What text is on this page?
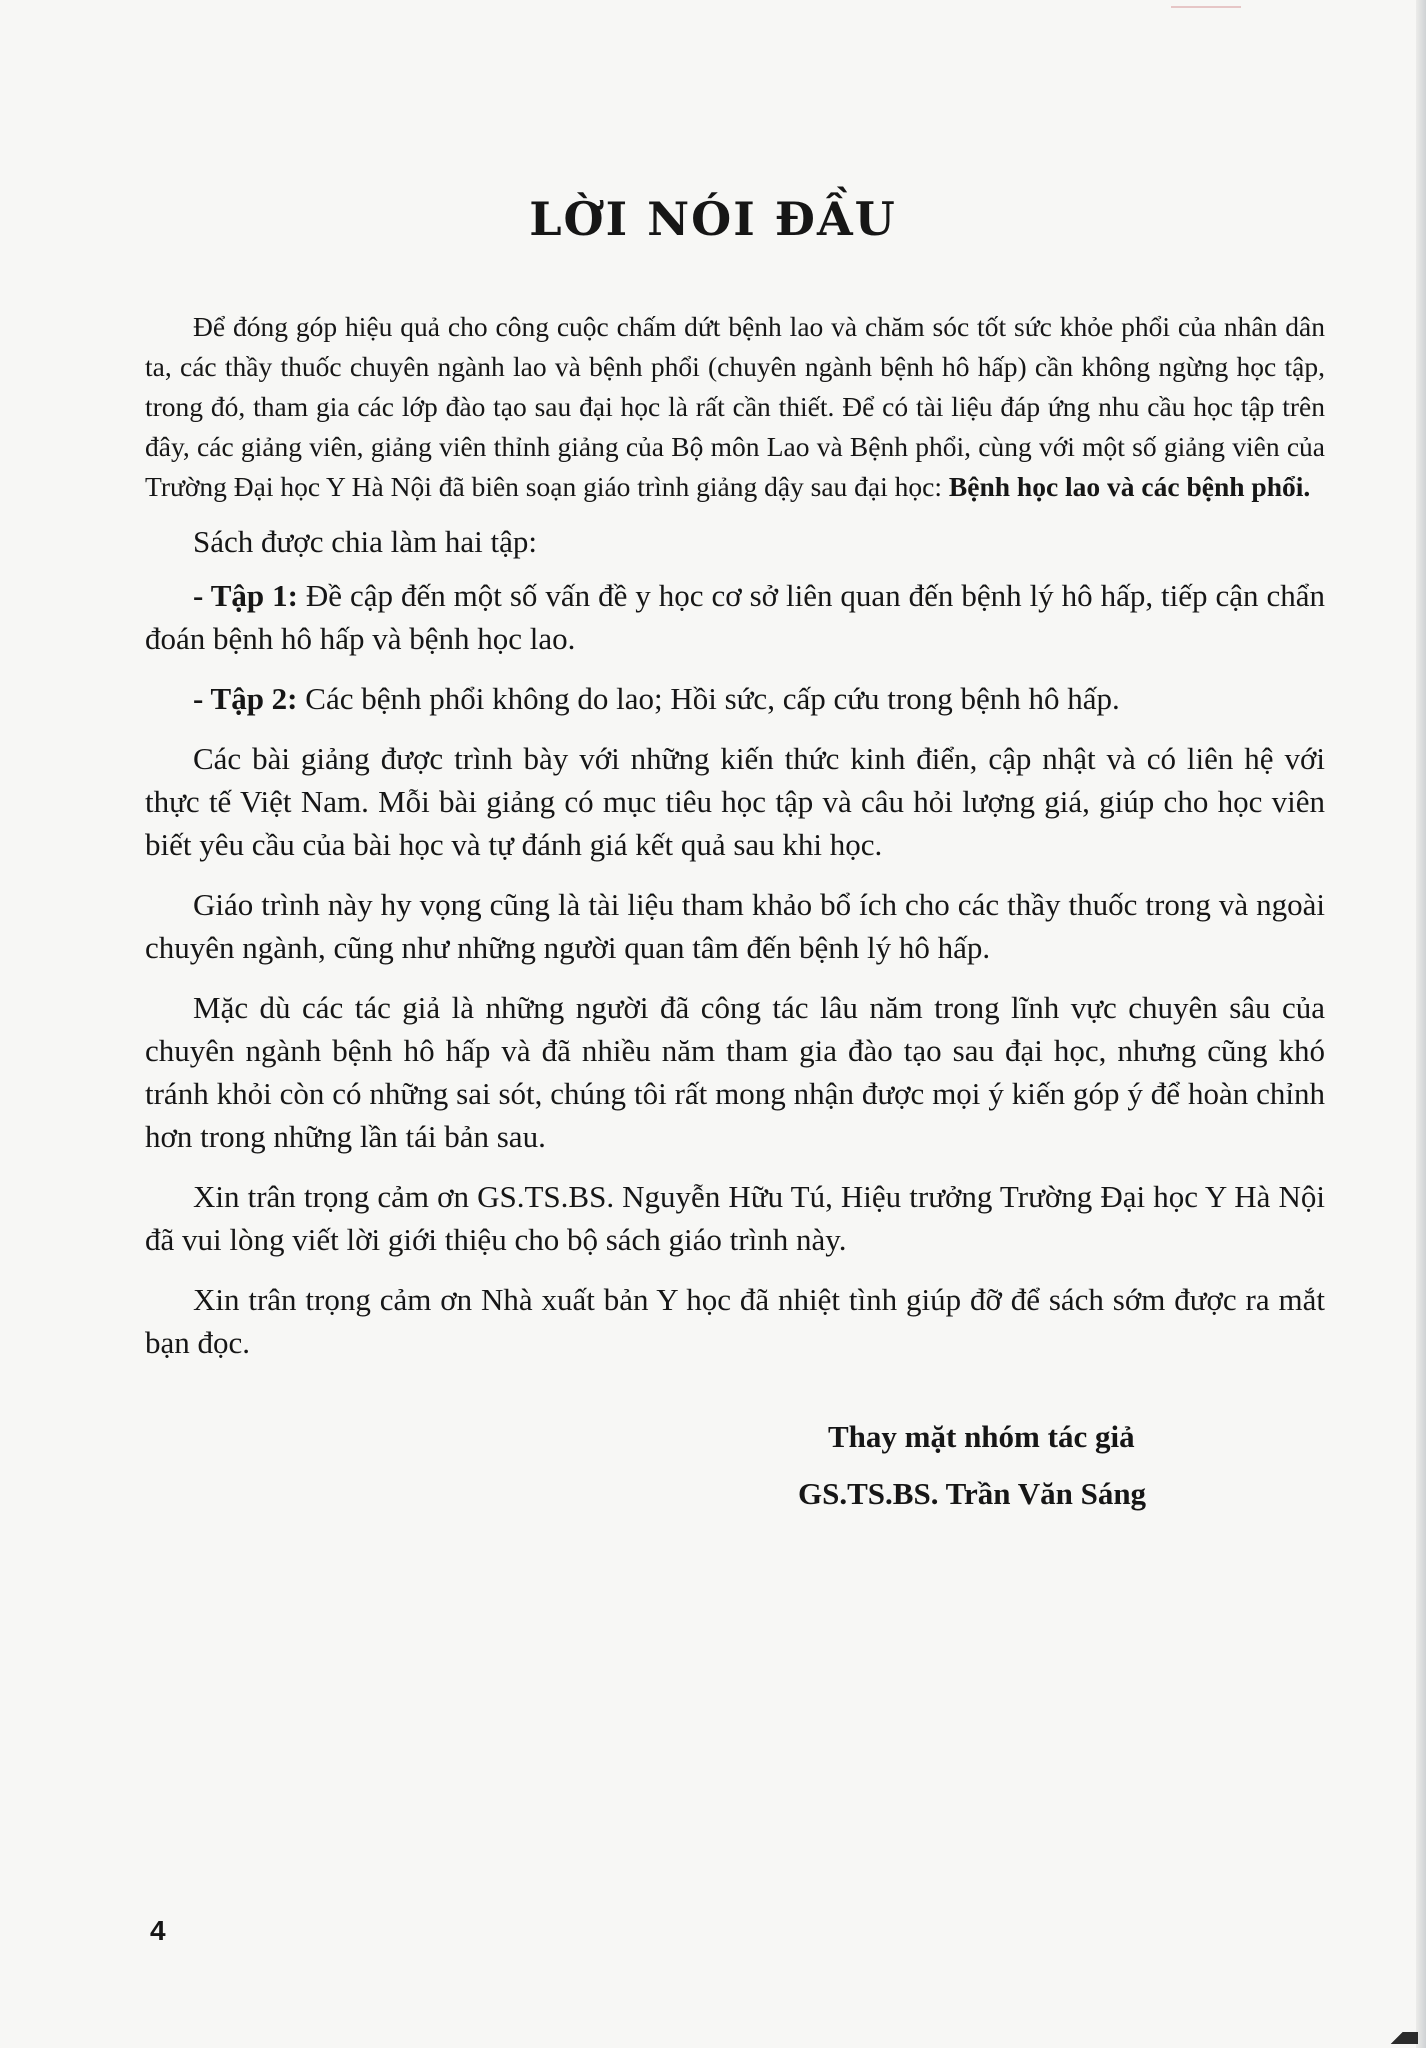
LỜI NÓI ĐẦU

Để đóng góp hiệu quả cho công cuộc chấm dứt bệnh lao và chăm sóc tốt sức khỏe phổi của nhân dân ta, các thầy thuốc chuyên ngành lao và bệnh phổi (chuyên ngành bệnh hô hấp) cần không ngừng học tập, trong đó, tham gia các lớp đào tạo sau đại học là rất cần thiết. Để có tài liệu đáp ứng nhu cầu học tập trên đây, các giảng viên, giảng viên thỉnh giảng của Bộ môn Lao và Bệnh phổi, cùng với một số giảng viên của Trường Đại học Y Hà Nội đã biên soạn giáo trình giảng dậy sau đại học: Bệnh học lao và các bệnh phổi.

Sách được chia làm hai tập:

- Tập 1: Đề cập đến một số vấn đề y học cơ sở liên quan đến bệnh lý hô hấp, tiếp cận chẩn đoán bệnh hô hấp và bệnh học lao.

- Tập 2: Các bệnh phổi không do lao; Hồi sức, cấp cứu trong bệnh hô hấp.

Các bài giảng được trình bày với những kiến thức kinh điển, cập nhật và có liên hệ với thực tế Việt Nam. Mỗi bài giảng có mục tiêu học tập và câu hỏi lượng giá, giúp cho học viên biết yêu cầu của bài học và tự đánh giá kết quả sau khi học.

Giáo trình này hy vọng cũng là tài liệu tham khảo bổ ích cho các thầy thuốc trong và ngoài chuyên ngành, cũng như những người quan tâm đến bệnh lý hô hấp.

Mặc dù các tác giả là những người đã công tác lâu năm trong lĩnh vực chuyên sâu của chuyên ngành bệnh hô hấp và đã nhiều năm tham gia đào tạo sau đại học, nhưng cũng khó tránh khỏi còn có những sai sót, chúng tôi rất mong nhận được mọi ý kiến góp ý để hoàn chỉnh hơn trong những lần tái bản sau.

Xin trân trọng cảm ơn GS.TS.BS. Nguyễn Hữu Tú, Hiệu trưởng Trường Đại học Y Hà Nội đã vui lòng viết lời giới thiệu cho bộ sách giáo trình này.

Xin trân trọng cảm ơn Nhà xuất bản Y học đã nhiệt tình giúp đỡ để sách sớm được ra mắt bạn đọc.

Thay mặt nhóm tác giả
GS.TS.BS. Trần Văn Sáng
4
